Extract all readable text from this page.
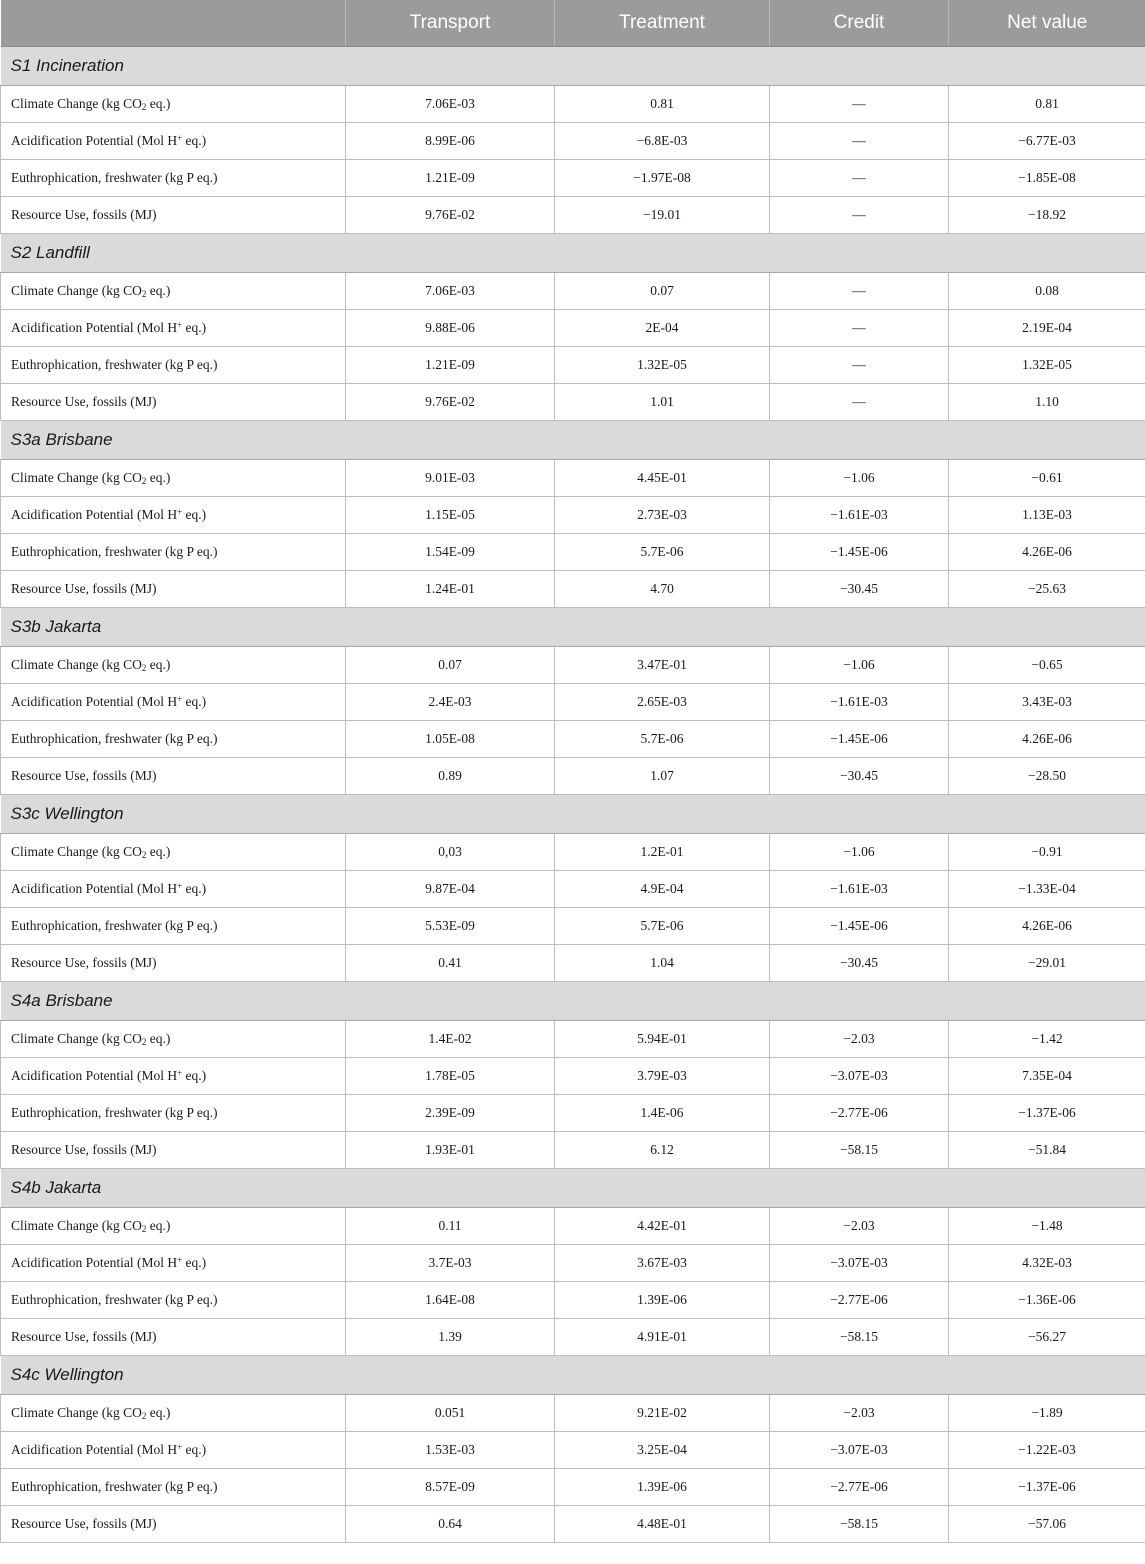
	Transport	Treatment	Credit	Net value
S1 Incineration				
Climate Change (kg $CO_2$ eq.)	7.06E-03	0.81	—	0.81
Acidification Potential (Mol H+ eq.)	8.99E-06	−6.8E-03	—	−6.77E-03
Euthrophication, freshwater (kg P eq.)	1.21E-09	−1.97E-08	—	−1.85E-08
Resource Use, fossils (MJ)	9.76E-02	−19.01	—	−18.92
S2 Landfill				
Climate Change (kg $CO_2$ eq.)	7.06E-03	0.07	—	0.08
Acidification Potential (Mol H+ eq.)	9.88E-06	2E-04	—	2.19E-04
Euthrophication, freshwater (kg P eq.)	1.21E-09	1.32E-05	—	1.32E-05
Resource Use, fossils (MJ)	9.76E-02	1.01	—	1.10
S3a Brisbane				
Climate Change (kg $CO_2$ eq.)	9.01E-03	4.45E-01	−1.06	−0.61
Acidification Potential (Mol H+ eq.)	1.15E-05	2.73E-03	−1.61E-03	1.13E-03
Euthrophication, freshwater (kg P eq.)	1.54E-09	5.7E-06	−1.45E-06	4.26E-06
Resource Use, fossils (MJ)	1.24E-01	4.70	−30.45	−25.63
S3b Jakarta				
Climate Change (kg $CO_2$ eq.)	0.07	3.47E-01	−1.06	−0.65
Acidification Potential (Mol H+ eq.)	2.4E-03	2.65E-03	−1.61E-03	3.43E-03
Euthrophication, freshwater (kg P eq.)	1.05E-08	5.7E-06	−1.45E-06	4.26E-06
Resource Use, fossils (MJ)	0.89	1.07	−30.45	−28.50
S3c Wellington				
Climate Change (kg $CO_2$ eq.)	0,03	1.2E-01	−1.06	−0.91
Acidification Potential (Mol H+ eq.)	9.87E-04	4.9E-04	−1.61E-03	−1.33E-04
Euthrophication, freshwater (kg P eq.)	5.53E-09	5.7E-06	−1.45E-06	4.26E-06
Resource Use, fossils (MJ)	0.41	1.04	−30.45	−29.01
S4a Brisbane				
Climate Change (kg $CO_2$ eq.)	1.4E-02	5.94E-01	−2.03	−1.42
Acidification Potential (Mol H+ eq.)	1.78E-05	3.79E-03	−3.07E-03	7.35E-04
Euthrophication, freshwater (kg P eq.)	2.39E-09	1.4E-06	−2.77E-06	−1.37E-06
Resource Use, fossils (MJ)	1.93E-01	6.12	−58.15	−51.84
S4b Jakarta				
Climate Change (kg $CO_2$ eq.)	0.11	4.42E-01	−2.03	−1.48
Acidification Potential (Mol H+ eq.)	3.7E-03	3.67E-03	−3.07E-03	4.32E-03
Euthrophication, freshwater (kg P eq.)	1.64E-08	1.39E-06	−2.77E-06	−1.36E-06
Resource Use, fossils (MJ)	1.39	4.91E-01	−58.15	−56.27
S4c Wellington				
Climate Change (kg $CO_2$ eq.)	0.051	9.21E-02	−2.03	−1.89
Acidification Potential (Mol H+ eq.)	1.53E-03	3.25E-04	−3.07E-03	−1.22E-03
Euthrophication, freshwater (kg P eq.)	8.57E-09	1.39E-06	−2.77E-06	−1.37E-06
Resource Use, fossils (MJ)	0.64	4.48E-01	−58.15	−57.06
